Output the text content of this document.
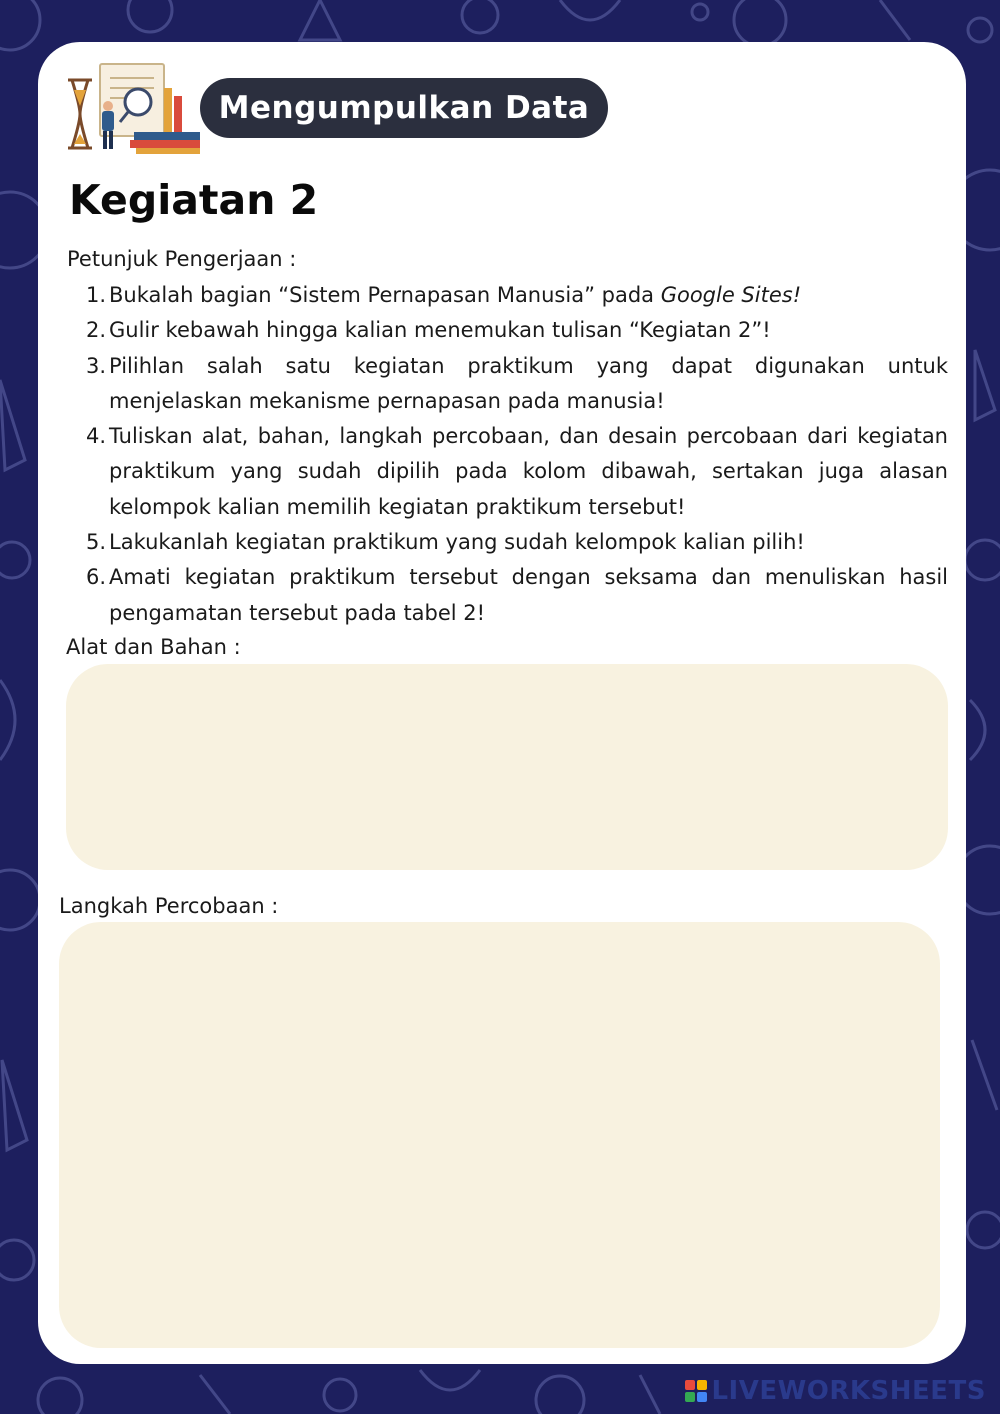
Mengumpulkan Data
Kegiatan 2
Petunjuk Pengerjaan :
1. Bukalah bagian “Sistem Pernapasan Manusia” pada Google Sites!
2. Gulir kebawah hingga kalian menemukan tulisan “Kegiatan 2”!
3. Pilihlan salah satu kegiatan praktikum yang dapat digunakan untuk menjelaskan mekanisme pernapasan pada manusia!
4. Tuliskan alat, bahan, langkah percobaan, dan desain percobaan dari kegiatan praktikum yang sudah dipilih pada kolom dibawah, sertakan juga alasan kelompok kalian memilih kegiatan praktikum tersebut!
5. Lakukanlah kegiatan praktikum yang sudah kelompok kalian pilih!
6. Amati kegiatan praktikum tersebut dengan seksama dan menuliskan hasil pengamatan tersebut pada tabel 2!
Alat dan Bahan :
Langkah Percobaan :
LIVEWORKSHEETS
